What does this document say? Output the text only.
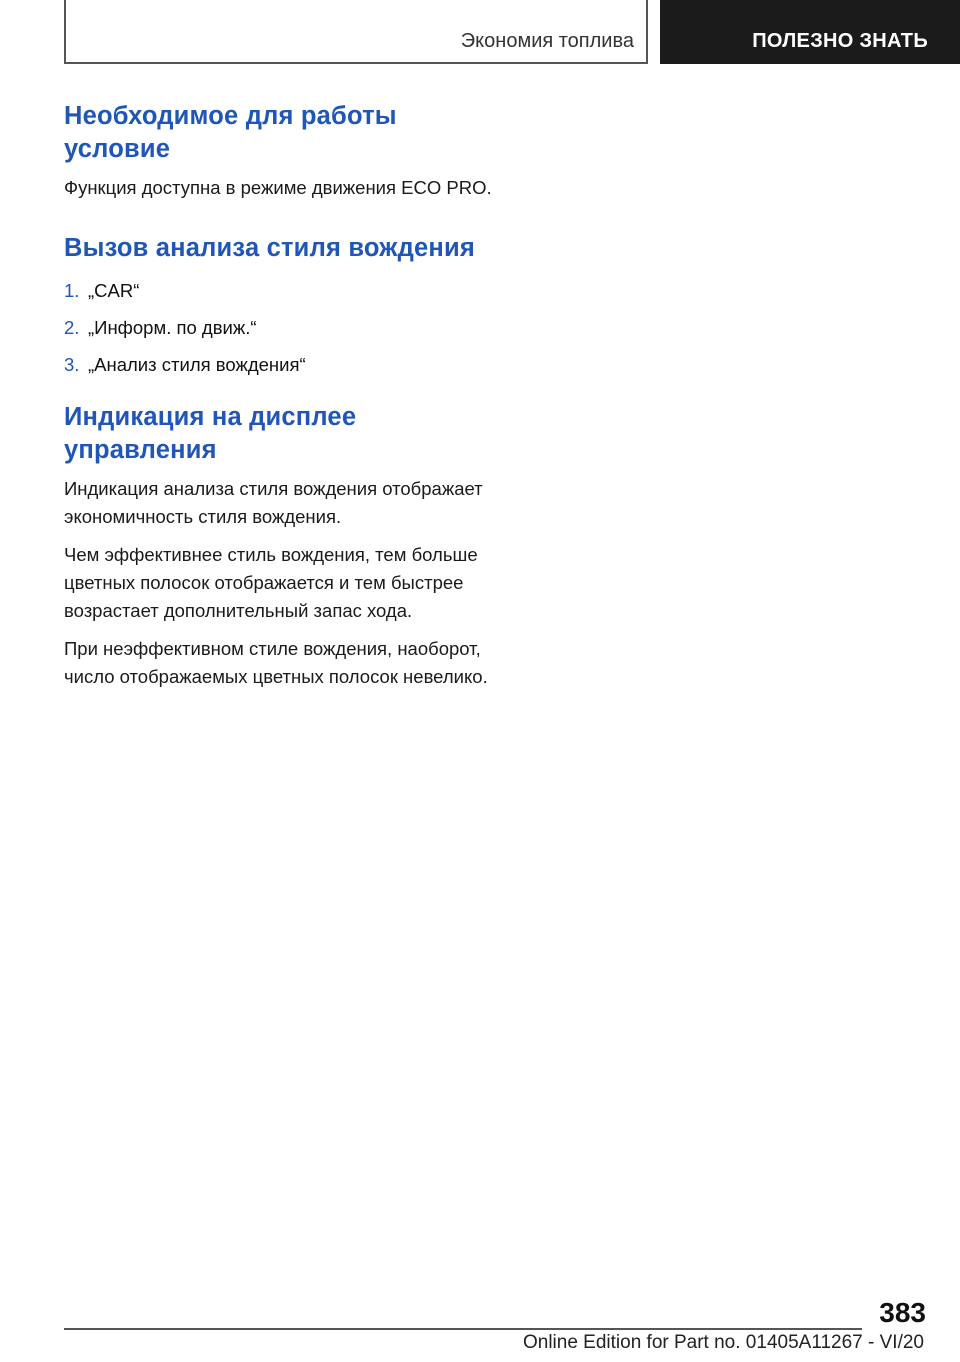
Экономия топлива	ПОЛЕЗНО ЗНАТЬ
Необходимое для работы условие

Функция доступна в режиме движения ECO PRO.

Вызов анализа стиля вождения
1. „CAR“
2. „Информ. по движ.“
3. „Анализ стиля вождения“
Индикация на дисплее управления

Индикация анализа стиля вождения отображает экономичность стиля вождения.

Чем эффективнее стиль вождения, тем больше цветных полосок отображается и тем быстрее возрастает дополнительный запас хода.

При неэффективном стиле вождения, наоборот, число отображаемых цветных полосок невелико.

383
Online Edition for Part no. 01405A11267 - VI/20
